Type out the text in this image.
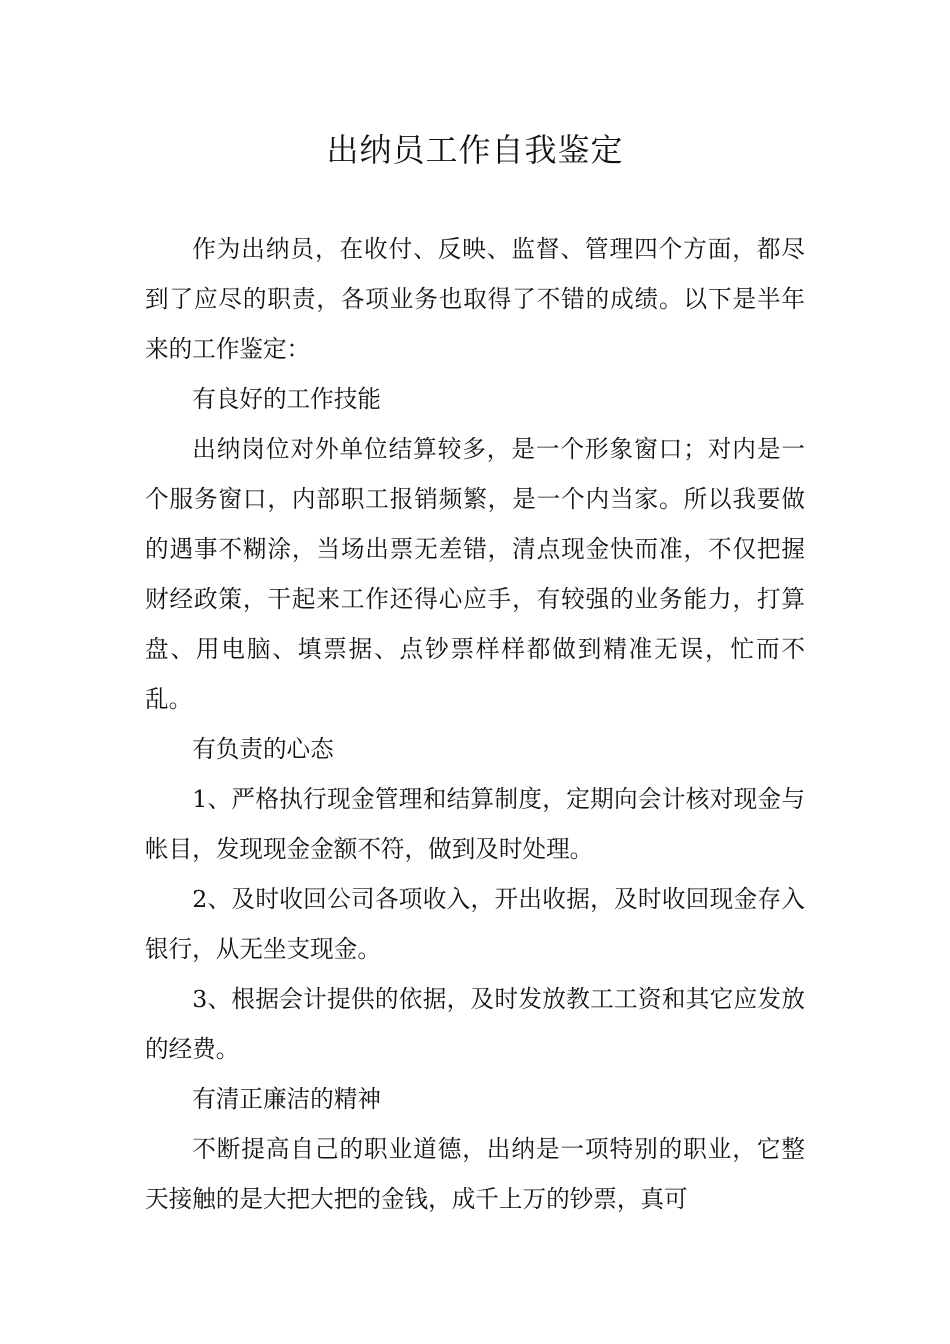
出纳员工作自我鉴定

作为出纳员，在收付、反映、监督、管理四个方面，都尽到了应尽的职责，各项业务也取得了不错的成绩。以下是半年来的工作鉴定：

有良好的工作技能

出纳岗位对外单位结算较多，是一个形象窗口；对内是一个服务窗口，内部职工报销频繁，是一个内当家。所以我要做的遇事不糊涂，当场出票无差错，清点现金快而准，不仅把握财经政策，干起来工作还得心应手，有较强的业务能力，打算盘、用电脑、填票据、点钞票样样都做到精准无误，忙而不乱。

有负责的心态

1、严格执行现金管理和结算制度，定期向会计核对现金与帐目，发现现金金额不符，做到及时处理。

2、及时收回公司各项收入，开出收据，及时收回现金存入银行，从无坐支现金。

3、根据会计提供的依据，及时发放教工工资和其它应发放的经费。

有清正廉洁的精神

不断提高自己的职业道德，出纳是一项特别的职业，它整天接触的是大把大把的金钱，成千上万的钞票，真可
